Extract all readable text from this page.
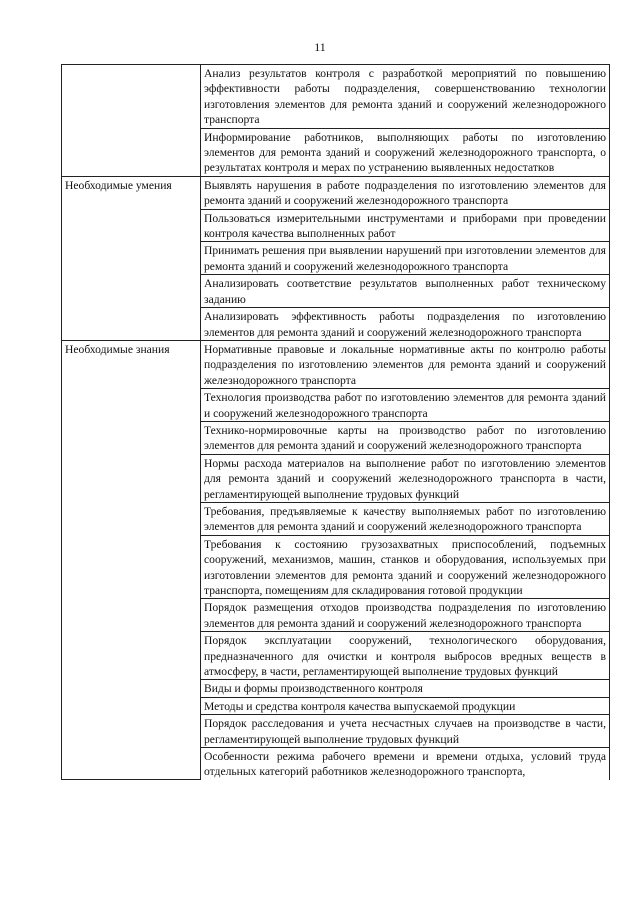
11
	Анализ результатов контроля с разработкой мероприятий по повышению эффективности работы подразделения, совершенствованию технологии изготовления элементов для ремонта зданий и сооружений железнодорожного транспорта
	Информирование работников, выполняющих работы по изготовлению элементов для ремонта зданий и сооружений железнодорожного транспорта, о результатах контроля и мерах по устранению выявленных недостатков
Необходимые умения	Выявлять нарушения в работе подразделения по изготовлению элементов для ремонта зданий и сооружений железнодорожного транспорта
	Пользоваться измерительными инструментами и приборами при проведении контроля качества выполненных работ
	Принимать решения при выявлении нарушений при изготовлении элементов для ремонта зданий и сооружений железнодорожного транспорта
	Анализировать соответствие результатов выполненных работ техническому заданию
	Анализировать эффективность работы подразделения по изготовлению элементов для ремонта зданий и сооружений железнодорожного транспорта
Необходимые знания	Нормативные правовые и локальные нормативные акты по контролю работы подразделения по изготовлению элементов для ремонта зданий и сооружений железнодорожного транспорта
	Технология производства работ по изготовлению элементов для ремонта зданий и сооружений железнодорожного транспорта
	Технико-нормировочные карты на производство работ по изготовлению элементов для ремонта зданий и сооружений железнодорожного транспорта
	Нормы расхода материалов на выполнение работ по изготовлению элементов для ремонта зданий и сооружений железнодорожного транспорта в части, регламентирующей выполнение трудовых функций
	Требования, предъявляемые к качеству выполняемых работ по изготовлению элементов для ремонта зданий и сооружений железнодорожного транспорта
	Требования к состоянию грузозахватных приспособлений, подъемных сооружений, механизмов, машин, станков и оборудования, используемых при изготовлении элементов для ремонта зданий и сооружений железнодорожного транспорта, помещениям для складирования готовой продукции
	Порядок размещения отходов производства подразделения по изготовлению элементов для ремонта зданий и сооружений железнодорожного транспорта
	Порядок эксплуатации сооружений, технологического оборудования, предназначенного для очистки и контроля выбросов вредных веществ в атмосферу, в части, регламентирующей выполнение трудовых функций
	Виды и формы производственного контроля
	Методы и средства контроля качества выпускаемой продукции
	Порядок расследования и учета несчастных случаев на производстве в части, регламентирующей выполнение трудовых функций
	Особенности режима рабочего времени и времени отдыха, условий труда отдельных категорий работников железнодорожного транспорта,
